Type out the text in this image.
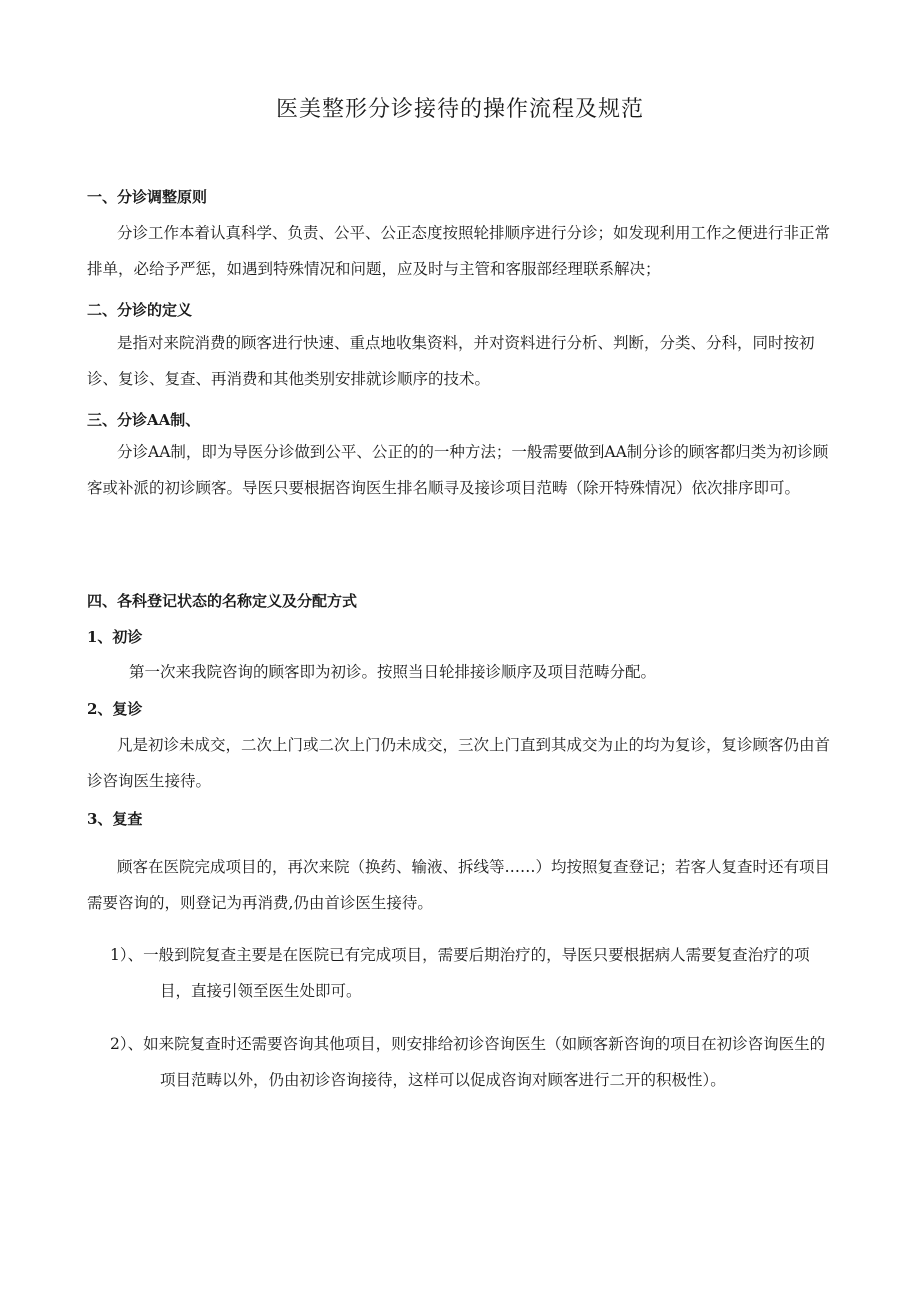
医美整形分诊接待的操作流程及规范
一、分诊调整原则

分诊工作本着认真科学、负责、公平、公正态度按照轮排顺序进行分诊；如发现利用工作之便进行非正常排单，必给予严惩，如遇到特殊情况和问题，应及时与主管和客服部经理联系解决；

二、分诊的定义

是指对来院消费的顾客进行快速、重点地收集资料，并对资料进行分析、判断，分类、分科，同时按初诊、复诊、复查、再消费和其他类别安排就诊顺序的技术。

三、分诊AA制、

分诊AA制，即为导医分诊做到公平、公正的的一种方法；一般需要做到AA制分诊的顾客都归类为初诊顾客或补派的初诊顾客。导医只要根据咨询医生排名顺寻及接诊项目范畴（除开特殊情况）依次排序即可。

四、各科登记状态的名称定义及分配方式
1、初诊

第一次来我院咨询的顾客即为初诊。按照当日轮排接诊顺序及项目范畴分配。

2、复诊

凡是初诊未成交，二次上门或二次上门仍未成交，三次上门直到其成交为止的均为复诊，复诊顾客仍由首诊咨询医生接待。

3、复查

顾客在医院完成项目的，再次来院（换药、输液、拆线等……）均按照复查登记；若客人复查时还有项目需要咨询的，则登记为再消费,仍由首诊医生接待。

1）、一般到院复查主要是在医院已有完成项目，需要后期治疗的，导医只要根据病人需要复查治疗的项目，直接引领至医生处即可。

2）、如来院复查时还需要咨询其他项目，则安排给初诊咨询医生（如顾客新咨询的项目在初诊咨询医生的项目范畴以外，仍由初诊咨询接待，这样可以促成咨询对顾客进行二开的积极性）。
